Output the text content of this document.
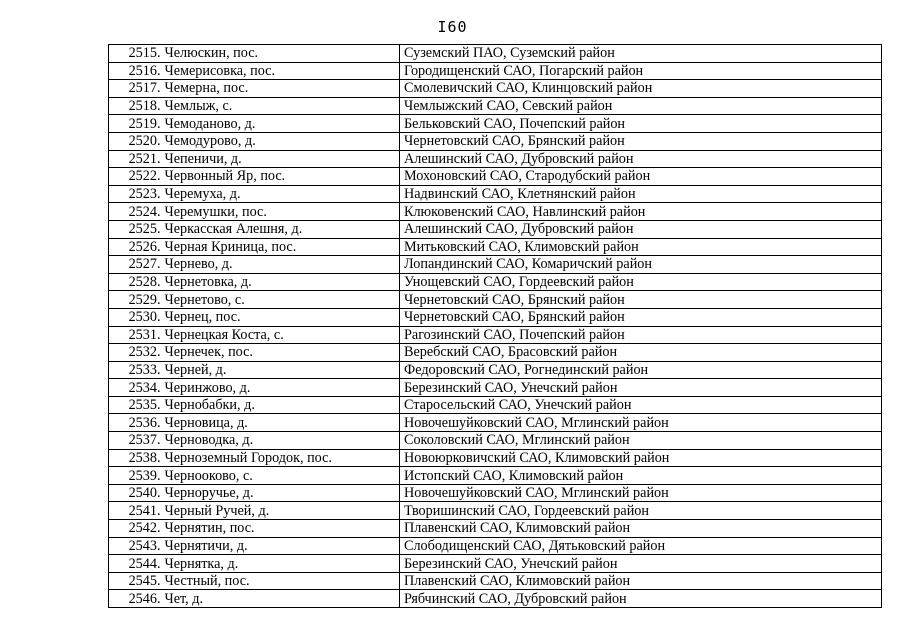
I60
2515.	Челюскин, пос.	Суземский ПАО, Суземский район
2516.	Чемерисовка, пос.	Городищенский САО, Погарский район
2517.	Чемерна, пос.	Смолевичский САО, Клинцовский район
2518.	Чемлыж, с.	Чемлыжский САО, Севский район
2519.	Чемоданово, д.	Бельковский САО, Почепский район
2520.	Чемодурово, д.	Чернетовский САО, Брянский район
2521.	Чепеничи, д.	Алешинский САО, Дубровский район
2522.	Червонный Яр, пос.	Мохоновский САО, Стародубский район
2523.	Черемуха, д.	Надвинский САО, Клетнянский район
2524.	Черемушки, пос.	Клюковенский САО, Навлинский район
2525.	Черкасская Алешня, д.	Алешинский САО, Дубровский район
2526.	Черная Криница, пос.	Митьковский САО, Климовский район
2527.	Чернево, д.	Лопандинский САО, Комаричский район
2528.	Чернетовка, д.	Унощевский САО, Гордеевский район
2529.	Чернетово, с.	Чернетовский САО, Брянский район
2530.	Чернец, пос.	Чернетовский САО, Брянский район
2531.	Чернецкая Коста, с.	Рагозинский САО, Почепский район
2532.	Чернечек, пос.	Веребский САО, Брасовский район
2533.	Черней, д.	Федоровский САО, Рогнединский район
2534.	Черинжово, д.	Березинский САО, Унечский район
2535.	Чернобабки, д.	Старосельский САО, Унечский район
2536.	Черновица, д.	Новочешуйковский САО, Мглинский район
2537.	Черноводка, д.	Соколовский САО, Мглинский район
2538.	Черноземный Городок, пос.	Новоюрковичский САО, Климовский район
2539.	Чернооково, с.	Истопский САО, Климовский район
2540.	Черноручье, д.	Новочешуйковский САО, Мглинский район
2541.	Черный Ручей, д.	Творишинский САО, Гордеевский район
2542.	Чернятин, пос.	Плавенский САО, Климовский район
2543.	Чернятичи, д.	Слободищенский САО, Дятьковский район
2544.	Чернятка, д.	Березинский САО, Унечский район
2545.	Честный, пос.	Плавенский САО, Климовский район
2546.	Чет, д.	Рябчинский САО, Дубровский район
